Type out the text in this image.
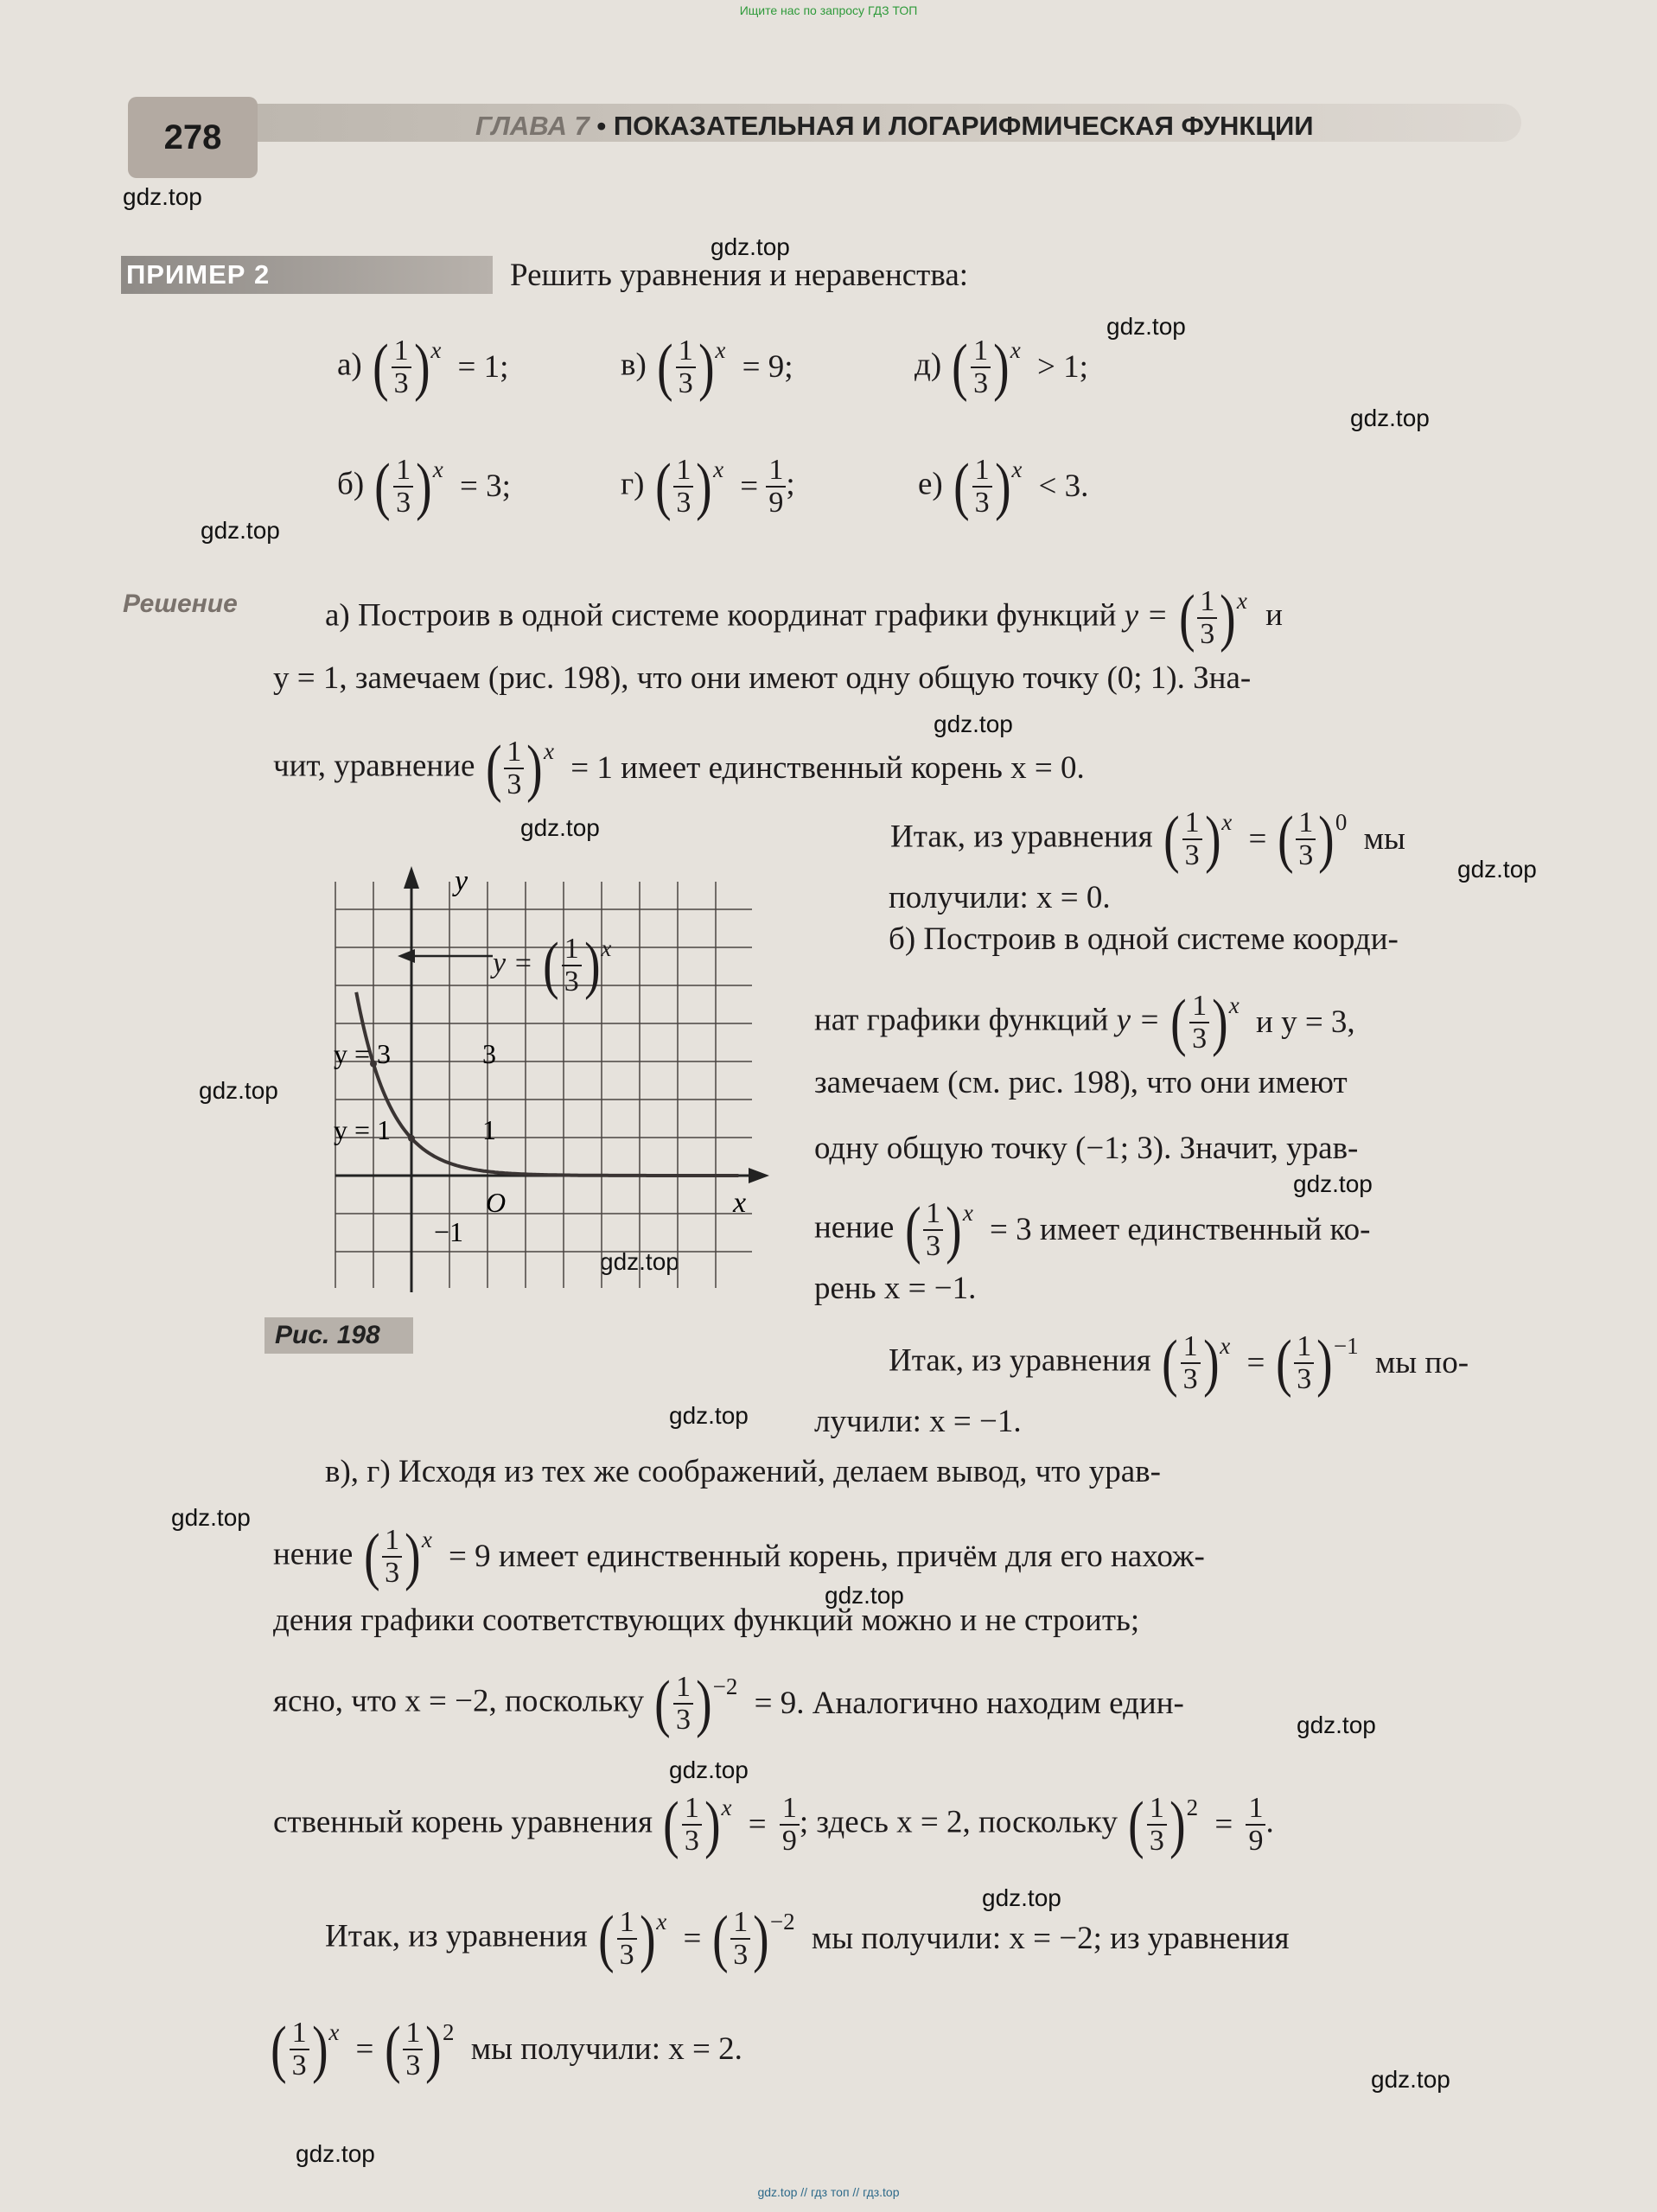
Ищите нас по запросу ГДЗ ТОП
278	ГЛАВА 7 • ПОКАЗАТЕЛЬНАЯ И ЛОГАРИФМИЧЕСКАЯ ФУНКЦИИ
gdz.top
gdz.top
gdz.top
gdz.top
gdz.top
gdz.top
gdz.top
gdz.top
gdz.top
gdz.top
gdz.top
gdz.top
gdz.top
gdz.top
gdz.top
gdz.top
gdz.top
gdz.top
gdz.top
ПРИМЕР 2	Решить уравнения и неравенства:
а) ( $\frac{1}{3}$ ) x = 1;	в) ( $\frac{1}{3}$ ) x = 9;	д) ( $\frac{1}{3}$ ) x > 1;
б) ( $\frac{1}{3}$ ) x = 3;	г) ( $\frac{1}{3}$ ) $x = \frac{1}{9}$ ;	е) ( $\frac{1}{3}$ ) x < 3.
Решение	а) Построив в одной системе координат графики функций y = ( $\frac{1}{3}$ ) x и
y = 1, замечаем (рис. 198), что они имеют одну общую точку (0; 1). Зна-
чит, уравнение ( $\frac{1}{3}$ ) x = 1 имеет единственный корень x = 0.
Итак, из уравнения ( $\frac{1}{3}$ ) x = ( $\frac{1}{3}$ ) 0 мы
получили: x = 0.
б) Построив в одной системе коорди-
нат графики функций y = ( $\frac{1}{3}$ ) x и y = 3,
замечаем (см. рис. 198), что они имеют
одну общую точку (−1; 3). Значит, урав-
нение ( $\frac{1}{3}$ ) x = 3 имеет единственный ко-
рень x = −1.
Итак, из уравнения ( $\frac{1}{3}$ ) x = ( $\frac{1}{3}$ ) −1 мы по-
лучили: x = −1.
в), г) Исходя из тех же соображений, делаем вывод, что урав-
нение ( $\frac{1}{3}$ ) x = 9 имеет единственный корень, причём для его нахож-
дения графики соответствующих функций можно и не строить;
ясно, что x = −2, поскольку ( $\frac{1}{3}$ ) −2 = 9. Аналогично находим един-
ственный корень уравнения ( $\frac{1}{3}$ ) $x = \frac{1}{9}$ ; здесь x = 2, поскольку ( $\frac{1}{3}$ ) $2 = \frac{1}{9}$ .
Итак, из уравнения ( $\frac{1}{3}$ ) x = ( $\frac{1}{3}$ ) −2 мы получили: x = −2; из уравнения
( $\frac{1}{3}$ ) x = ( $\frac{1}{3}$ ) 2 мы получили: x = 2.
x
y
O
y = 3
y = 1
3
1
−1
y = ( $\frac{1}{3}$ ) x
Рис. 198
gdz.top // гдз топ // гдз.top
